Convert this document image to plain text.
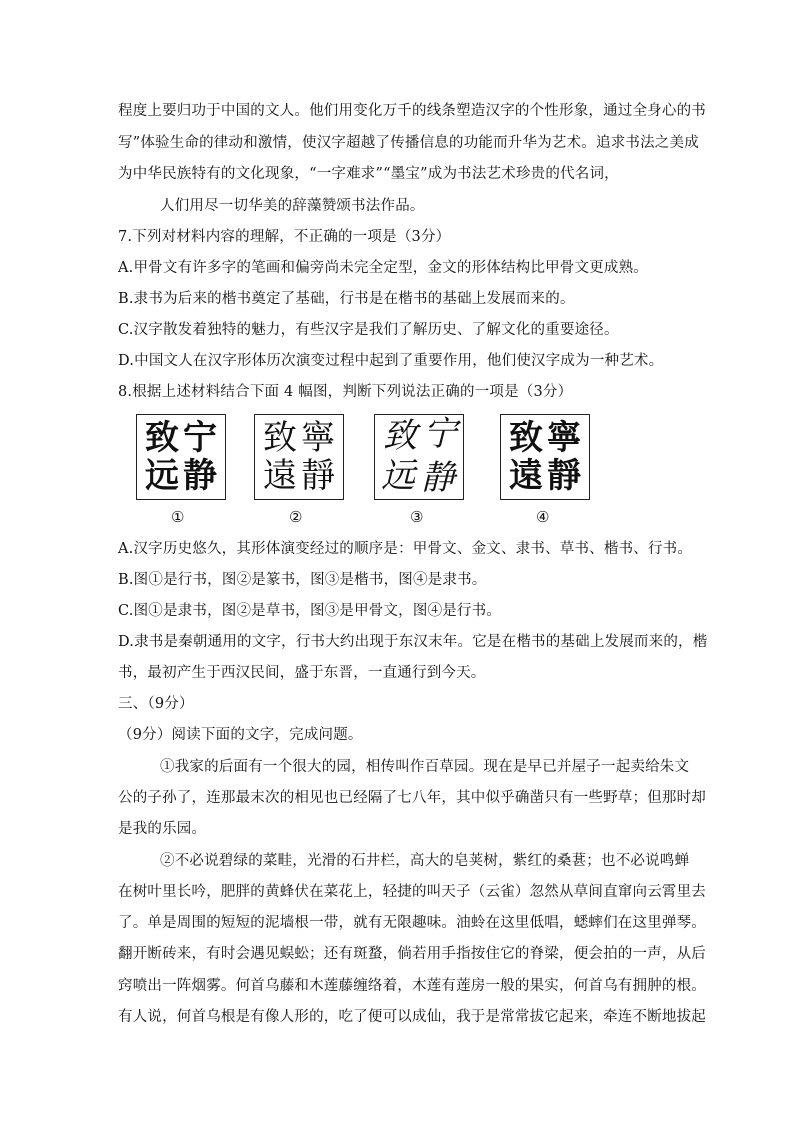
程度上要归功于中国的文人。他们用变化万千的线条塑造汉字的个性形象，通过全身心的书
写”体验生命的律动和激情，使汉字超越了传播信息的功能而升华为艺术。追求书法之美成
为中华民族特有的文化现象，“一字难求”“墨宝”成为书法艺术珍贵的代名词，
人们用尽一切华美的辞藻赞颂书法作品。
7.下列对材料内容的理解，不正确的一项是（3分）
A.甲骨文有许多字的笔画和偏旁尚未完全定型，金文的形体结构比甲骨文更成熟。
B.隶书为后来的楷书奠定了基础，行书是在楷书的基础上发展而来的。
C.汉字散发着独特的魅力，有些汉字是我们了解历史、了解文化的重要途径。
D.中国文人在汉字形体历次演变过程中起到了重要作用，他们使汉字成为一种艺术。
8.根据上述材料结合下面 4 幅图，判断下列说法正确的一项是（3分）
宁
致
远 静
①
致 寧
遠 靜
②
致 宁
远 静
③
致 寧
遠 靜
④
A.汉字历史悠久，其形体演变经过的顺序是：甲骨文、金文、隶书、草书、楷书、行书。
B.图①是行书，图②是篆书，图③是楷书，图④是隶书。
C.图①是隶书，图②是草书，图③是甲骨文，图④是行书。
D.隶书是秦朝通用的文字，行书大约出现于东汉末年。它是在楷书的基础上发展而来的，楷
书，最初产生于西汉民间，盛于东晋，一直通行到今天。
三、（9分）
（9分）阅读下面的文字，完成问题。
①我家的后面有一个很大的园，相传叫作百草园。现在是早已并屋子一起卖给朱文
公的子孙了，连那最末次的相见也已经隔了七八年，其中似乎确凿只有一些野草；但那时却
是我的乐园。
②不必说碧绿的菜畦，光滑的石井栏，高大的皂荚树，紫红的桑葚；也不必说鸣蝉
在树叶里长吟，肥胖的黄蜂伏在菜花上，轻捷的叫天子（云雀）忽然从草间直窜向云霄里去
了。单是周围的短短的泥墙根一带，就有无限趣味。油蛉在这里低唱，蟋蟀们在这里弹琴。
翻开断砖来，有时会遇见蜈蚣；还有斑蝥，倘若用手指按住它的脊梁，便会拍的一声，从后
窍喷出一阵烟雾。何首乌藤和木莲藤缠络着，木莲有莲房一般的果实，何首乌有拥肿的根。
有人说，何首乌根是有像人形的，吃了便可以成仙，我于是常常拔它起来，牵连不断地拔起
